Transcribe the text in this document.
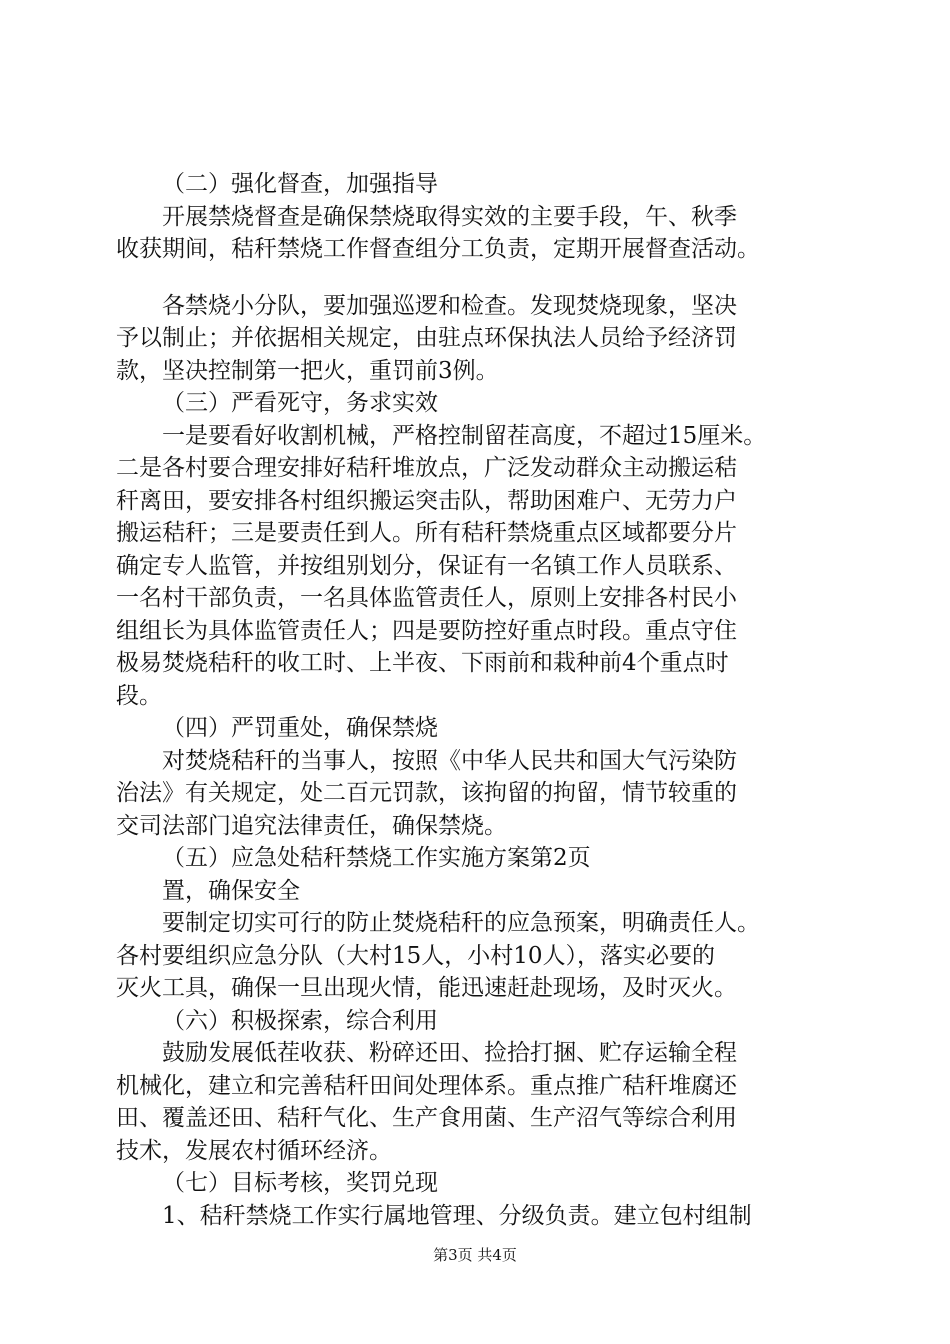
（二）强化督查，加强指导
开展禁烧督查是确保禁烧取得实效的主要手段，午、秋季
收获期间，秸秆禁烧工作督查组分工负责，定期开展督查活动。
各禁烧小分队，要加强巡逻和检查。发现焚烧现象，坚决
予以制止；并依据相关规定，由驻点环保执法人员给予经济罚
款，坚决控制第一把火，重罚前3例。
（三）严看死守，务求实效
一是要看好收割机械，严格控制留茬高度，不超过15厘米。
二是各村要合理安排好秸秆堆放点，广泛发动群众主动搬运秸
秆离田，要安排各村组织搬运突击队，帮助困难户、无劳力户
搬运秸秆；三是要责任到人。所有秸秆禁烧重点区域都要分片
确定专人监管，并按组别划分，保证有一名镇工作人员联系、
一名村干部负责，一名具体监管责任人，原则上安排各村民小
组组长为具体监管责任人；四是要防控好重点时段。重点守住
极易焚烧秸秆的收工时、上半夜、下雨前和栽种前4个重点时
段。
（四）严罚重处，确保禁烧
对焚烧秸秆的当事人，按照《中华人民共和国大气污染防
治法》有关规定，处二百元罚款，该拘留的拘留，情节较重的
交司法部门追究法律责任，确保禁烧。
（五）应急处秸秆禁烧工作实施方案第2页
置，确保安全
要制定切实可行的防止焚烧秸秆的应急预案，明确责任人。
各村要组织应急分队（大村15人，小村10人），落实必要的
灭火工具，确保一旦出现火情，能迅速赶赴现场，及时灭火。
（六）积极探索，综合利用
鼓励发展低茬收获、粉碎还田、捡拾打捆、贮存运输全程
机械化，建立和完善秸秆田间处理体系。重点推广秸秆堆腐还
田、覆盖还田、秸秆气化、生产食用菌、生产沼气等综合利用
技术，发展农村循环经济。
（七）目标考核，奖罚兑现
1、秸秆禁烧工作实行属地管理、分级负责。建立包村组制
第3页 共4页
